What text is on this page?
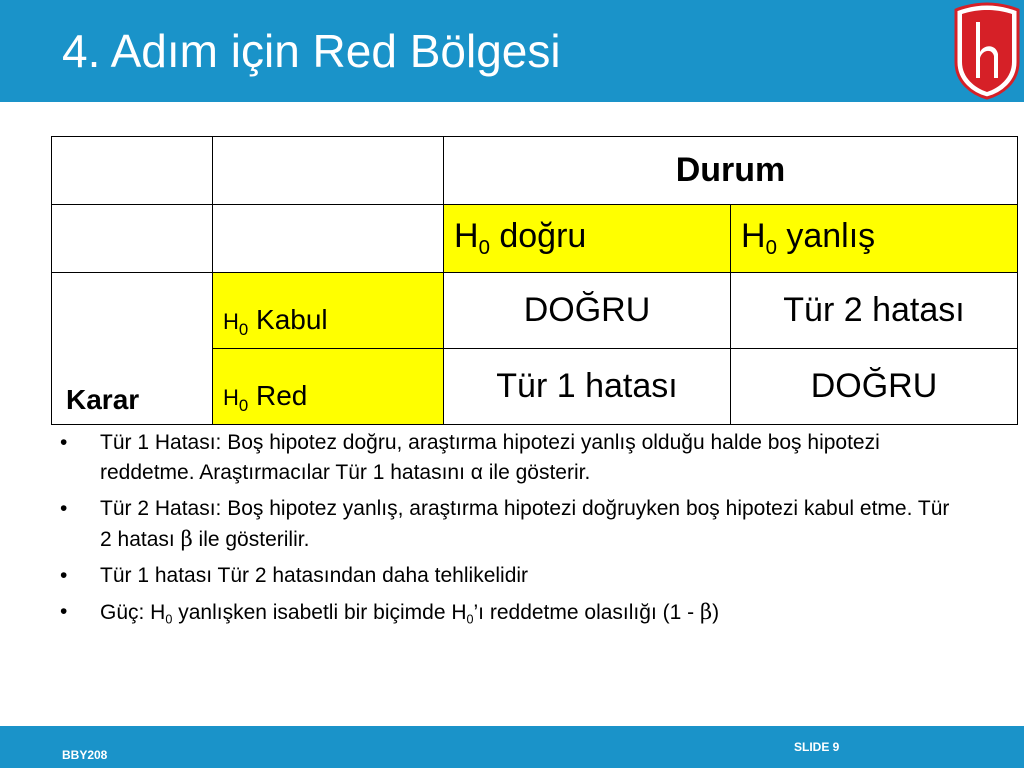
4. Adım için Red Bölgesi
		Durum	
		$H_0$ doğru	$H_0$ yanlış
Karar	$H_0$ Kabul	DOĞRU	Tür 2 hatası
	$H_0$ Red	Tür 1 hatası	DOĞRU
• Tür 1 Hatası: Boş hipotez doğru, araştırma hipotezi yanlış olduğu halde boş hipotezi reddetme. Araştırmacılar Tür 1 hatasını α ile gösterir.
• Tür 2 Hatası: Boş hipotez yanlış, araştırma hipotezi doğruyken boş hipotezi kabul etme. Tür 2 hatası β ile gösterilir.
• Tür 1 hatası Tür 2 hatasından daha tehlikelidir
• Güç: $H_0$ yanlışken isabetli bir biçimde $H_0’ı$ reddetme olasılığı (1 - β)
BBY208
SLIDE 9
